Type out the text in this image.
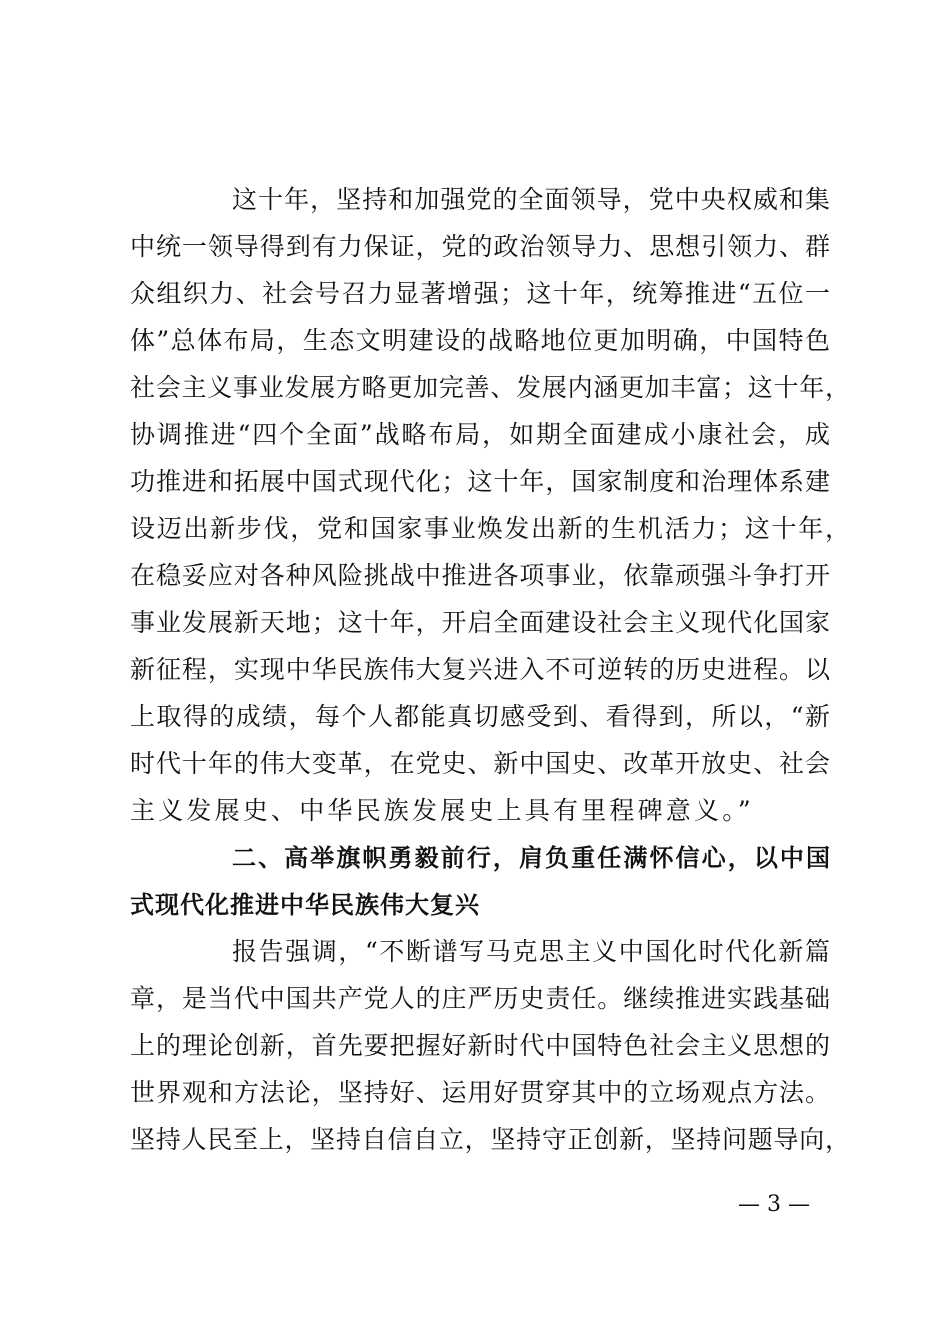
这十年，坚持和加强党的全面领导，党中央权威和集
中统一领导得到有力保证，党的政治领导力、思想引领力、群
众组织力、社会号召力显著增强；这十年，统筹推进“五位一
体”总体布局，生态文明建设的战略地位更加明确，中国特色
社会主义事业发展方略更加完善、发展内涵更加丰富；这十年，
协调推进“四个全面”战略布局，如期全面建成小康社会，成
功推进和拓展中国式现代化；这十年，国家制度和治理体系建
设迈出新步伐，党和国家事业焕发出新的生机活力；这十年，
在稳妥应对各种风险挑战中推进各项事业，依靠顽强斗争打开
事业发展新天地；这十年，开启全面建设社会主义现代化国家
新征程，实现中华民族伟大复兴进入不可逆转的历史进程。以
上取得的成绩，每个人都能真切感受到、看得到，所以，“新
时代十年的伟大变革，在党史、新中国史、改革开放史、社会
主义发展史、中华民族发展史上具有里程碑意义。”
二、高举旗帜勇毅前行，肩负重任满怀信心，以中国
式现代化推进中华民族伟大复兴
报告强调，“不断谱写马克思主义中国化时代化新篇
章，是当代中国共产党人的庄严历史责任。继续推进实践基础
上的理论创新，首先要把握好新时代中国特色社会主义思想的
世界观和方法论，坚持好、运用好贯穿其中的立场观点方法。
坚持人民至上，坚持自信自立，坚持守正创新，坚持问题导向，
— 3 —
